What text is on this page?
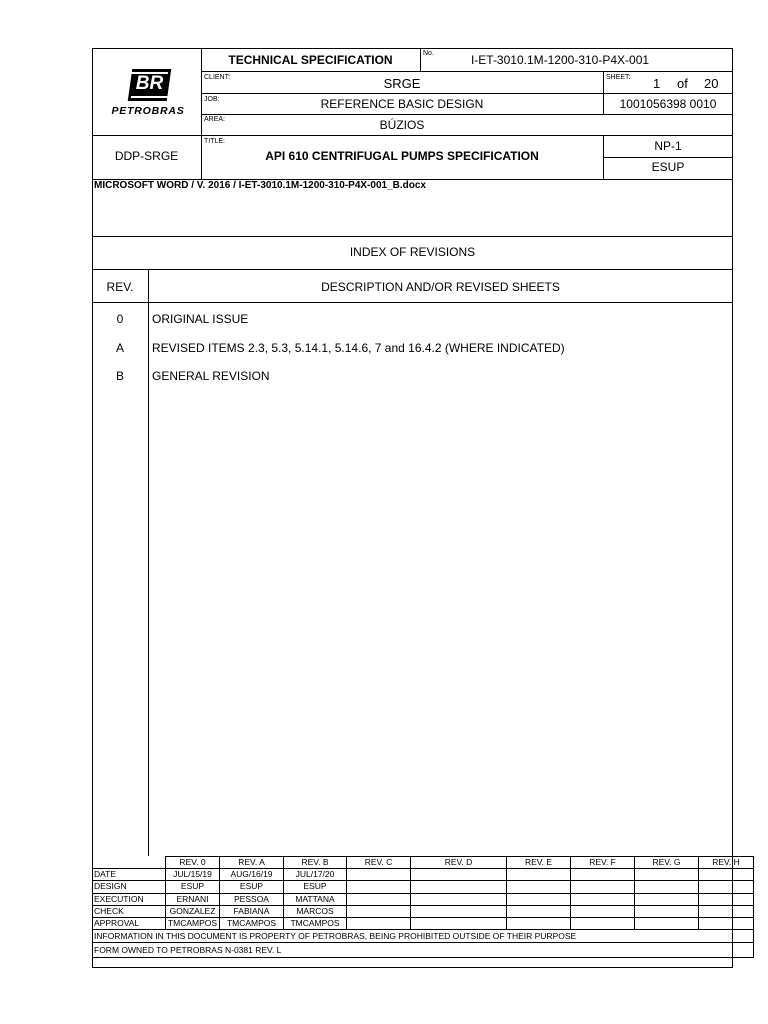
BR
PETROBRAS
TECHNICAL SPECIFICATION	No.	I-ET-3010.1M-1200-310-P4X-001
CLIENT:	SRGE	SHEET: 1 of 20
JOB:	REFERENCE BASIC DESIGN	1001056398 0010
AREA:	BÚZIOS
DDP-SRGE
TITLE:
API 610 CENTRIFUGAL PUMPS SPECIFICATION
NP-1
ESUP
MICROSOFT WORD / V. 2016 / I-ET-3010.1M-1200-310-P4X-001_B.docx
INDEX OF REVISIONS
REV.	DESCRIPTION AND/OR REVISED SHEETS
0	ORIGINAL ISSUE
A	REVISED ITEMS 2.3, 5.3, 5.14.1, 5.14.6, 7 and 16.4.2 (WHERE INDICATED)
B	GENERAL REVISION
	REV. 0	REV. A	REV. B	REV. C	REV. D	REV. E	REV. F	REV. G	REV. H
DATE	JUL/15/19	AUG/16/19	JUL/17/20						
DESIGN	ESUP	ESUP	ESUP						
EXECUTION	ERNANI	PESSOA	MATTANA						
CHECK	GONZALEZ	FABIANA	MARCOS						
APPROVAL	TMCAMPOS	TMCAMPOS	TMCAMPOS						
INFORMATION IN THIS DOCUMENT IS PROPERTY OF PETROBRAS, BEING PROHIBITED OUTSIDE OF THEIR PURPOSE									
FORM OWNED TO PETROBRAS N-0381 REV. L									
